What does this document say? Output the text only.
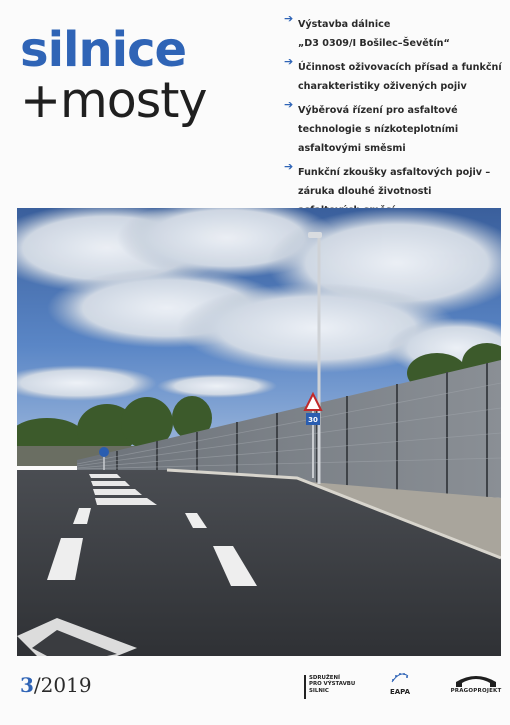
silnice
+mosty
➔ Výstavba dálnice
„D3 0309/I Bošilec–Ševětín“
➔ Účinnost oživovacích přísad a funkční
charakteristiky oživených pojiv
➔ Výběrová řízení pro asfaltové
technologie s nízkoteplotními
asfaltovými směsmi
➔ Funkční zkoušky asfaltových pojiv –
záruka dlouhé životnosti

30
3/2019	SDRUŽENÍ
PRO VÝSTAVBU
SILNIC	EAPA	PRAGOPROJEKT
